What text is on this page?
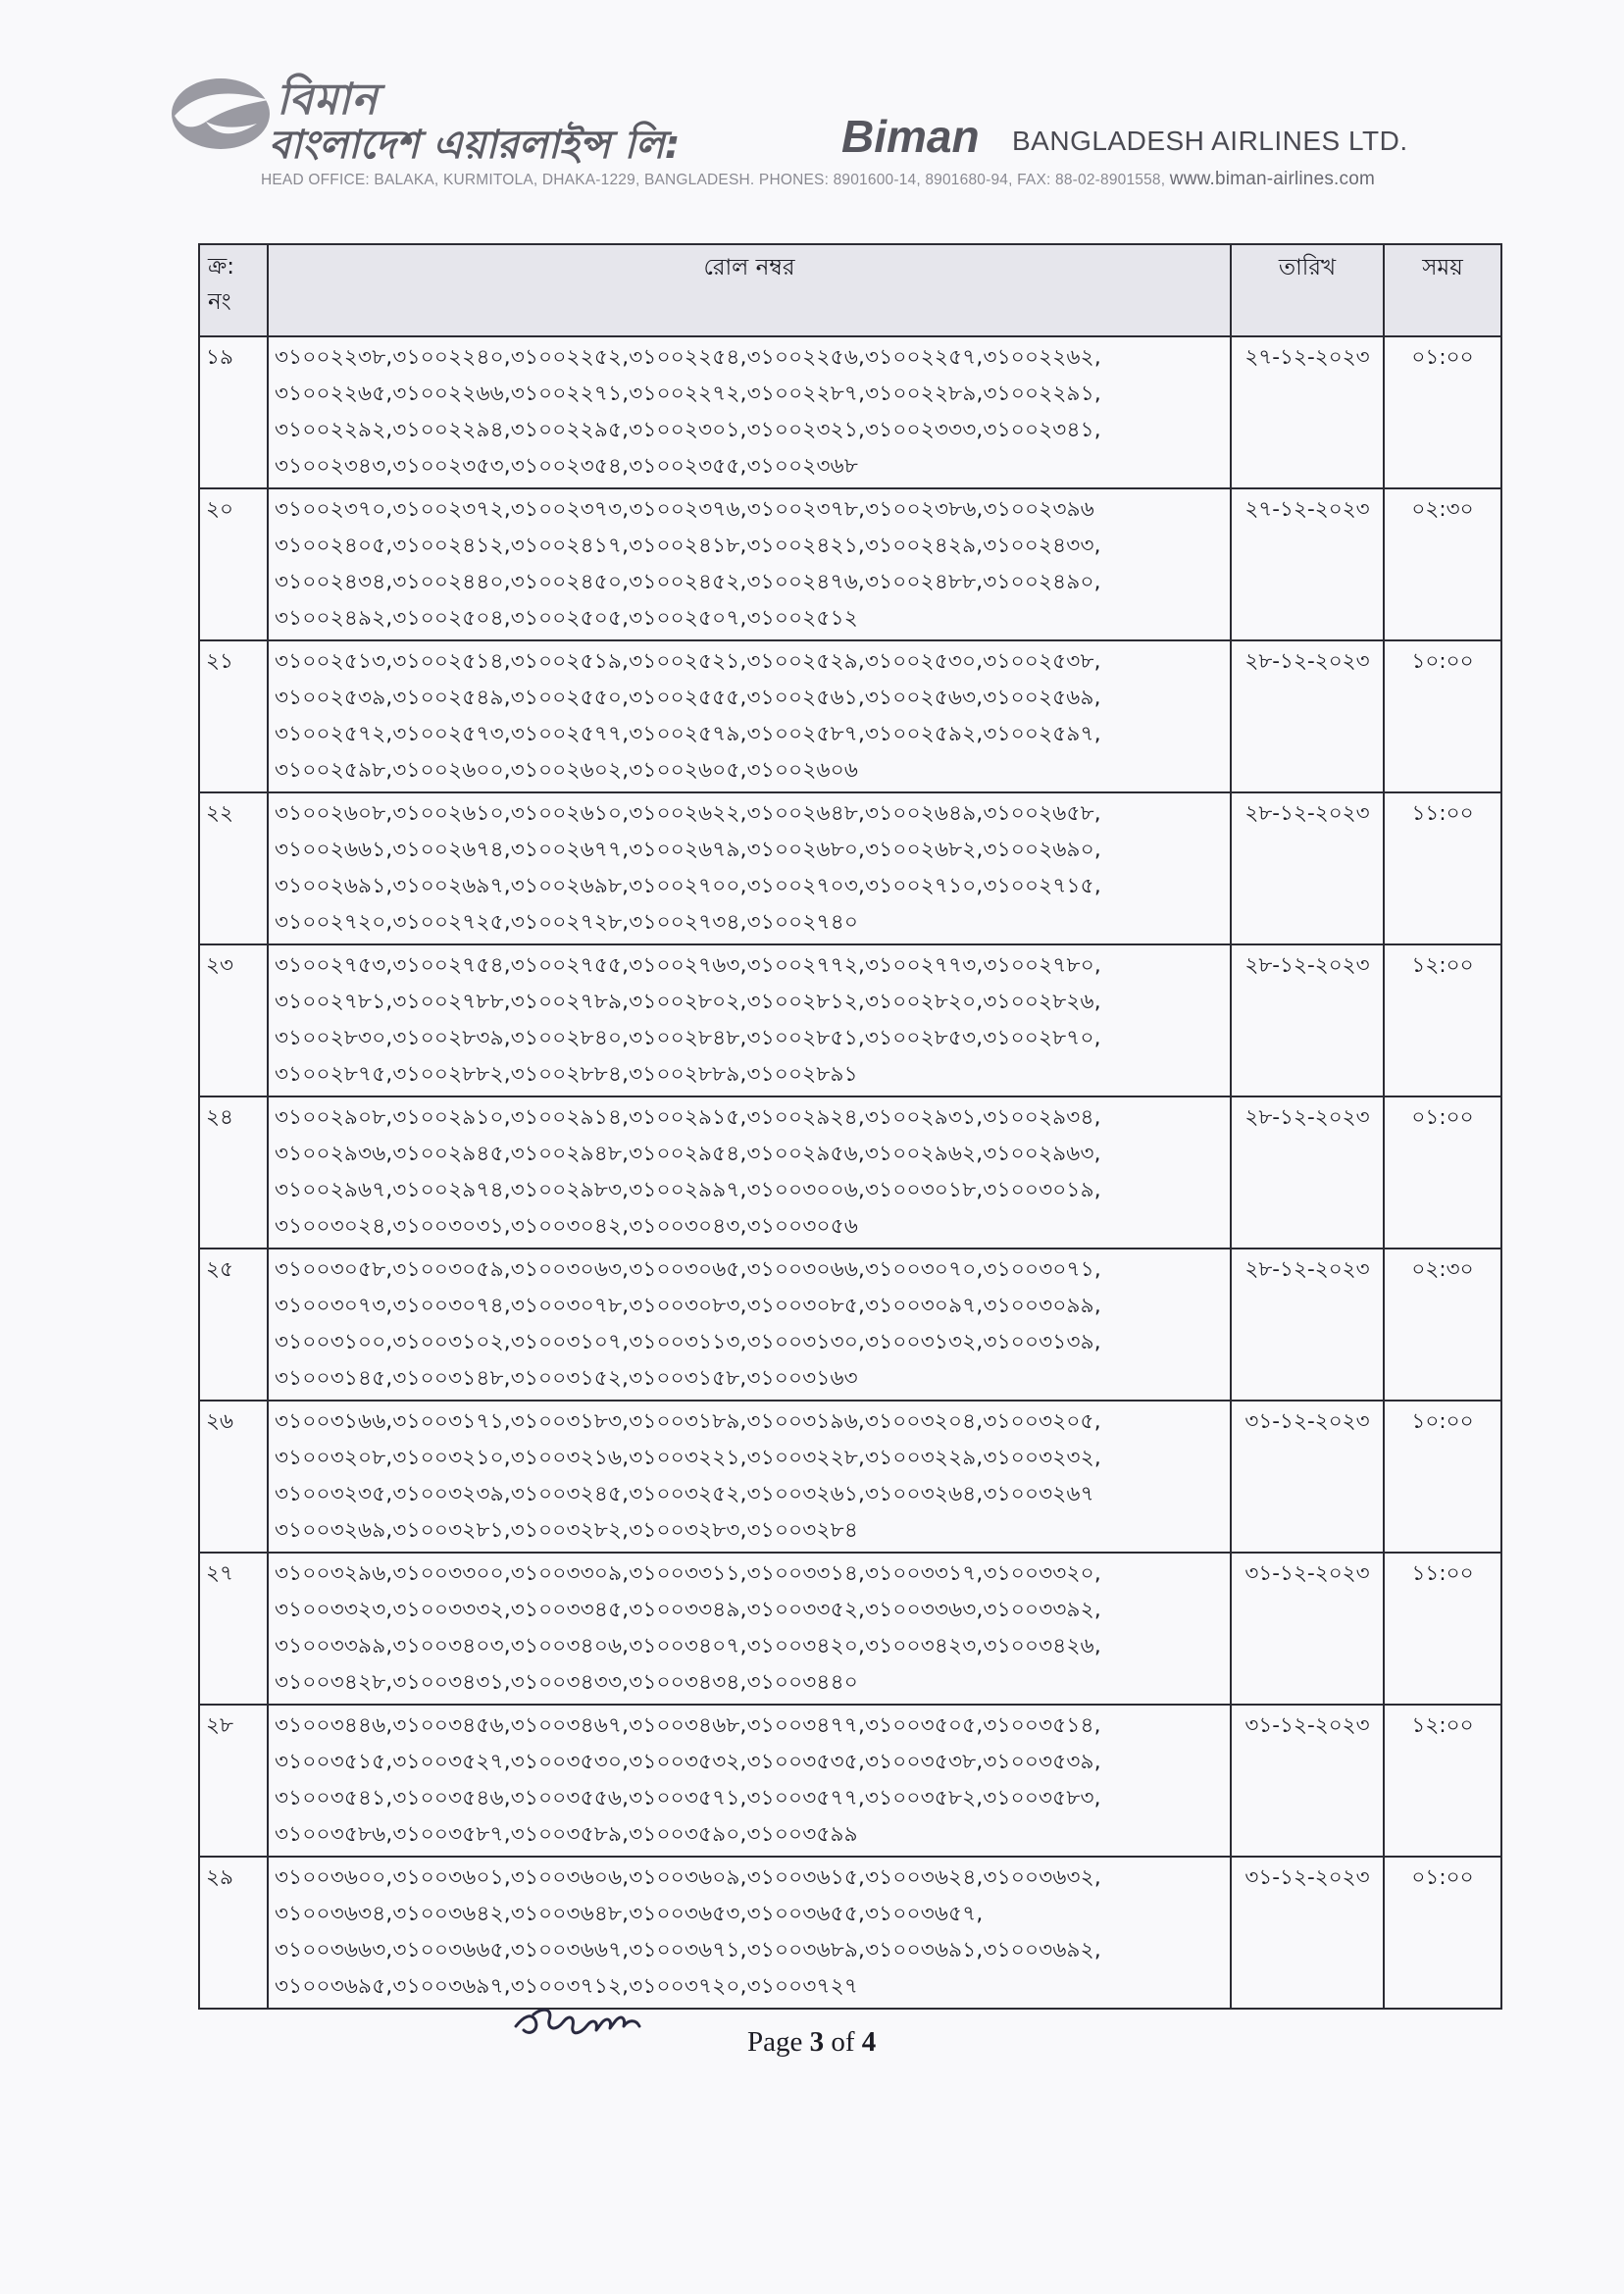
বিমান
বাংলাদেশ এয়ারলাইন্স লি:	Biman BANGLADESH AIRLINES LTD.
HEAD OFFICE: BALAKA, KURMITOLA, DHAKA-1229, BANGLADESH. PHONES: 8901600-14, 8901680-94, FAX: 88-02-8901558, www.biman-airlines.com
ক্র:
নং	রোল নম্বর	তারিখ	সময়
১৯	৩১০০২২৩৮,৩১০০২২৪০,৩১০০২২৫২,৩১০০২২৫৪,৩১০০২২৫৬,৩১০০২২৫৭,৩১০০২২৬২,
৩১০০২২৬৫,৩১০০২২৬৬,৩১০০২২৭১,৩১০০২২৭২,৩১০০২২৮৭,৩১০০২২৮৯,৩১০০২২৯১,
৩১০০২২৯২,৩১০০২২৯৪,৩১০০২২৯৫,৩১০০২৩০১,৩১০০২৩২১,৩১০০২৩৩৩,৩১০০২৩৪১,
৩১০০২৩৪৩,৩১০০২৩৫৩,৩১০০২৩৫৪,৩১০০২৩৫৫,৩১০০২৩৬৮	২৭-১২-২০২৩	০১:০০
২০	৩১০০২৩৭০,৩১০০২৩৭২,৩১০০২৩৭৩,৩১০০২৩৭৬,৩১০০২৩৭৮,৩১০০২৩৮৬,৩১০০২৩৯৬
৩১০০২৪০৫,৩১০০২৪১২,৩১০০২৪১৭,৩১০০২৪১৮,৩১০০২৪২১,৩১০০২৪২৯,৩১০০২৪৩৩,
৩১০০২৪৩৪,৩১০০২৪৪০,৩১০০২৪৫০,৩১০০২৪৫২,৩১০০২৪৭৬,৩১০০২৪৮৮,৩১০০২৪৯০,
৩১০০২৪৯২,৩১০০২৫০৪,৩১০০২৫০৫,৩১০০২৫০৭,৩১০০২৫১২	২৭-১২-২০২৩	০২:৩০
২১	৩১০০২৫১৩,৩১০০২৫১৪,৩১০০২৫১৯,৩১০০২৫২১,৩১০০২৫২৯,৩১০০২৫৩০,৩১০০২৫৩৮,
৩১০০২৫৩৯,৩১০০২৫৪৯,৩১০০২৫৫০,৩১০০২৫৫৫,৩১০০২৫৬১,৩১০০২৫৬৩,৩১০০২৫৬৯,
৩১০০২৫৭২,৩১০০২৫৭৩,৩১০০২৫৭৭,৩১০০২৫৭৯,৩১০০২৫৮৭,৩১০০২৫৯২,৩১০০২৫৯৭,
৩১০০২৫৯৮,৩১০০২৬০০,৩১০০২৬০২,৩১০০২৬০৫,৩১০০২৬০৬	২৮-১২-২০২৩	১০:০০
২২	৩১০০২৬০৮,৩১০০২৬১০,৩১০০২৬১০,৩১০০২৬২২,৩১০০২৬৪৮,৩১০০২৬৪৯,৩১০০২৬৫৮,
৩১০০২৬৬১,৩১০০২৬৭৪,৩১০০২৬৭৭,৩১০০২৬৭৯,৩১০০২৬৮০,৩১০০২৬৮২,৩১০০২৬৯০,
৩১০০২৬৯১,৩১০০২৬৯৭,৩১০০২৬৯৮,৩১০০২৭০০,৩১০০২৭০৩,৩১০০২৭১০,৩১০০২৭১৫,
৩১০০২৭২০,৩১০০২৭২৫,৩১০০২৭২৮,৩১০০২৭৩৪,৩১০০২৭৪০	২৮-১২-২০২৩	১১:০০
২৩	৩১০০২৭৫৩,৩১০০২৭৫৪,৩১০০২৭৫৫,৩১০০২৭৬৩,৩১০০২৭৭২,৩১০০২৭৭৩,৩১০০২৭৮০,
৩১০০২৭৮১,৩১০০২৭৮৮,৩১০০২৭৮৯,৩১০০২৮০২,৩১০০২৮১২,৩১০০২৮২০,৩১০০২৮২৬,
৩১০০২৮৩০,৩১০০২৮৩৯,৩১০০২৮৪০,৩১০০২৮৪৮,৩১০০২৮৫১,৩১০০২৮৫৩,৩১০০২৮৭০,
৩১০০২৮৭৫,৩১০০২৮৮২,৩১০০২৮৮৪,৩১০০২৮৮৯,৩১০০২৮৯১	২৮-১২-২০২৩	১২:০০
২৪	৩১০০২৯০৮,৩১০০২৯১০,৩১০০২৯১৪,৩১০০২৯১৫,৩১০০২৯২৪,৩১০০২৯৩১,৩১০০২৯৩৪,
৩১০০২৯৩৬,৩১০০২৯৪৫,৩১০০২৯৪৮,৩১০০২৯৫৪,৩১০০২৯৫৬,৩১০০২৯৬২,৩১০০২৯৬৩,
৩১০০২৯৬৭,৩১০০২৯৭৪,৩১০০২৯৮৩,৩১০০২৯৯৭,৩১০০৩০০৬,৩১০০৩০১৮,৩১০০৩০১৯,
৩১০০৩০২৪,৩১০০৩০৩১,৩১০০৩০৪২,৩১০০৩০৪৩,৩১০০৩০৫৬	২৮-১২-২০২৩	০১:০০
২৫	৩১০০৩০৫৮,৩১০০৩০৫৯,৩১০০৩০৬৩,৩১০০৩০৬৫,৩১০০৩০৬৬,৩১০০৩০৭০,৩১০০৩০৭১,
৩১০০৩০৭৩,৩১০০৩০৭৪,৩১০০৩০৭৮,৩১০০৩০৮৩,৩১০০৩০৮৫,৩১০০৩০৯৭,৩১০০৩০৯৯,
৩১০০৩১০০,৩১০০৩১০২,৩১০০৩১০৭,৩১০০৩১১৩,৩১০০৩১৩০,৩১০০৩১৩২,৩১০০৩১৩৯,
৩১০০৩১৪৫,৩১০০৩১৪৮,৩১০০৩১৫২,৩১০০৩১৫৮,৩১০০৩১৬৩	২৮-১২-২০২৩	০২:৩০
২৬	৩১০০৩১৬৬,৩১০০৩১৭১,৩১০০৩১৮৩,৩১০০৩১৮৯,৩১০০৩১৯৬,৩১০০৩২০৪,৩১০০৩২০৫,
৩১০০৩২০৮,৩১০০৩২১০,৩১০০৩২১৬,৩১০০৩২২১,৩১০০৩২২৮,৩১০০৩২২৯,৩১০০৩২৩২,
৩১০০৩২৩৫,৩১০০৩২৩৯,৩১০০৩২৪৫,৩১০০৩২৫২,৩১০০৩২৬১,৩১০০৩২৬৪,৩১০০৩২৬৭
৩১০০৩২৬৯,৩১০০৩২৮১,৩১০০৩২৮২,৩১০০৩২৮৩,৩১০০৩২৮৪	৩১-১২-২০২৩	১০:০০
২৭	৩১০০৩২৯৬,৩১০০৩৩০০,৩১০০৩৩০৯,৩১০০৩৩১১,৩১০০৩৩১৪,৩১০০৩৩১৭,৩১০০৩৩২০,
৩১০০৩৩২৩,৩১০০৩৩৩২,৩১০০৩৩৪৫,৩১০০৩৩৪৯,৩১০০৩৩৫২,৩১০০৩৩৬৩,৩১০০৩৩৯২,
৩১০০৩৩৯৯,৩১০০৩৪০৩,৩১০০৩৪০৬,৩১০০৩৪০৭,৩১০০৩৪২০,৩১০০৩৪২৩,৩১০০৩৪২৬,
৩১০০৩৪২৮,৩১০০৩৪৩১,৩১০০৩৪৩৩,৩১০০৩৪৩৪,৩১০০৩৪৪০	৩১-১২-২০২৩	১১:০০
২৮	৩১০০৩৪৪৬,৩১০০৩৪৫৬,৩১০০৩৪৬৭,৩১০০৩৪৬৮,৩১০০৩৪৭৭,৩১০০৩৫০৫,৩১০০৩৫১৪,
৩১০০৩৫১৫,৩১০০৩৫২৭,৩১০০৩৫৩০,৩১০০৩৫৩২,৩১০০৩৫৩৫,৩১০০৩৫৩৮,৩১০০৩৫৩৯,
৩১০০৩৫৪১,৩১০০৩৫৪৬,৩১০০৩৫৫৬,৩১০০৩৫৭১,৩১০০৩৫৭৭,৩১০০৩৫৮২,৩১০০৩৫৮৩,
৩১০০৩৫৮৬,৩১০০৩৫৮৭,৩১০০৩৫৮৯,৩১০০৩৫৯০,৩১০০৩৫৯৯	৩১-১২-২০২৩	১২:০০
২৯	৩১০০৩৬০০,৩১০০৩৬০১,৩১০০৩৬০৬,৩১০০৩৬০৯,৩১০০৩৬১৫,৩১০০৩৬২৪,৩১০০৩৬৩২,
৩১০০৩৬৩৪,৩১০০৩৬৪২,৩১০০৩৬৪৮,৩১০০৩৬৫৩,৩১০০৩৬৫৫,৩১০০৩৬৫৭,
৩১০০৩৬৬৩,৩১০০৩৬৬৫,৩১০০৩৬৬৭,৩১০০৩৬৭১,৩১০০৩৬৮৯,৩১০০৩৬৯১,৩১০০৩৬৯২,
৩১০০৩৬৯৫,৩১০০৩৬৯৭,৩১০০৩৭১২,৩১০০৩৭২০,৩১০০৩৭২৭	৩১-১২-২০২৩	০১:০০
Page 3 of 4
